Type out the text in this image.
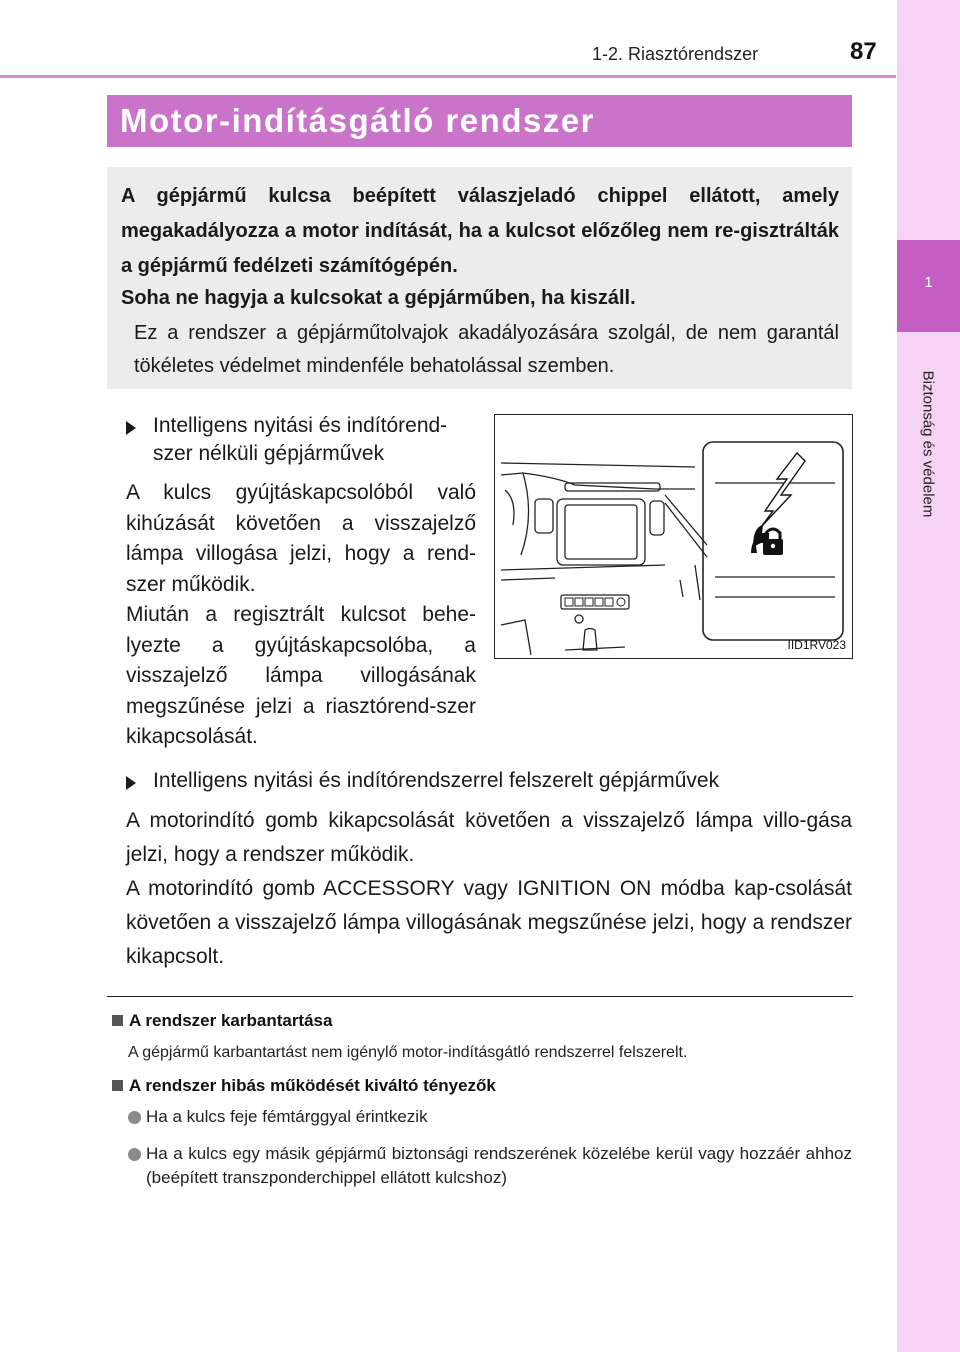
1-2. Riasztórendszer	87
1
Biztonság és védelem
Motor-indításgátló rendszer
A gépjármű kulcsa beépített válaszjeladó chippel ellátott, amely megakadályozza a motor indítását, ha a kulcsot előzőleg nem re-gisztrálták a gépjármű fedélzeti számítógépén.
Soha ne hagyja a kulcsokat a gépjárműben, ha kiszáll.
Ez a rendszer a gépjárműtolvajok akadályozására szolgál, de nem garantál tökéletes védelmet mindenféle behatolással szemben.
Intelligens nyitási és indítórend-szer nélküli gépjárművek
A kulcs gyújtáskapcsolóból való kihúzását követően a visszajelző lámpa villogása jelzi, hogy a rend-szer működik.
Miután a regisztrált kulcsot behe-lyezte a gyújtáskapcsolóba, a visszajelző lámpa villogásának megszűnése jelzi a riasztórend-szer kikapcsolását.
IID1RV023
Intelligens nyitási és indítórendszerrel felszerelt gépjárművek
A motorindító gomb kikapcsolását követően a visszajelző lámpa villo-gása jelzi, hogy a rendszer működik.
A motorindító gomb ACCESSORY vagy IGNITION ON módba kap-csolását követően a visszajelző lámpa villogásának megszűnése jelzi, hogy a rendszer kikapcsolt.
A rendszer karbantartása
A gépjármű karbantartást nem igénylő motor-indításgátló rendszerrel felszerelt.
A rendszer hibás működését kiváltó tényezők
Ha a kulcs feje fémtárggyal érintkezik
Ha a kulcs egy másik gépjármű biztonsági rendszerének közelébe kerül vagy hozzáér ahhoz (beépített transzponderchippel ellátott kulcshoz)
